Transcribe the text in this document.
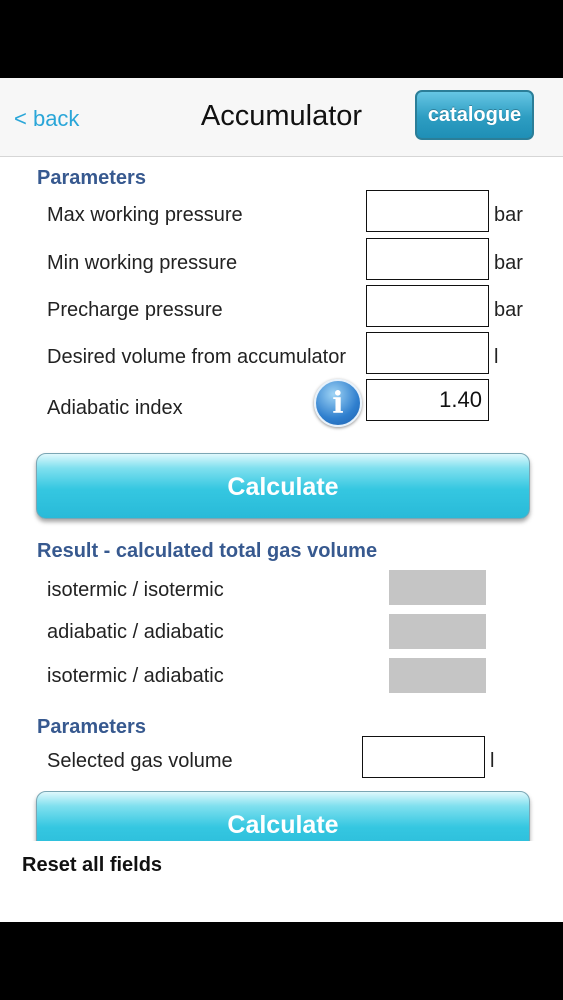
< back	Accumulator	catalogue
Parameters
Max working pressure	bar
Min working pressure	bar
Precharge pressure	bar
Desired volume from accumulator	l
Adiabatic index	i	1.40
Calculate
Result - calculated total gas volume
isotermic / isotermic
adiabatic / adiabatic
isotermic / adiabatic
Parameters
Selected gas volume	l
Calculate
Reset all fields
